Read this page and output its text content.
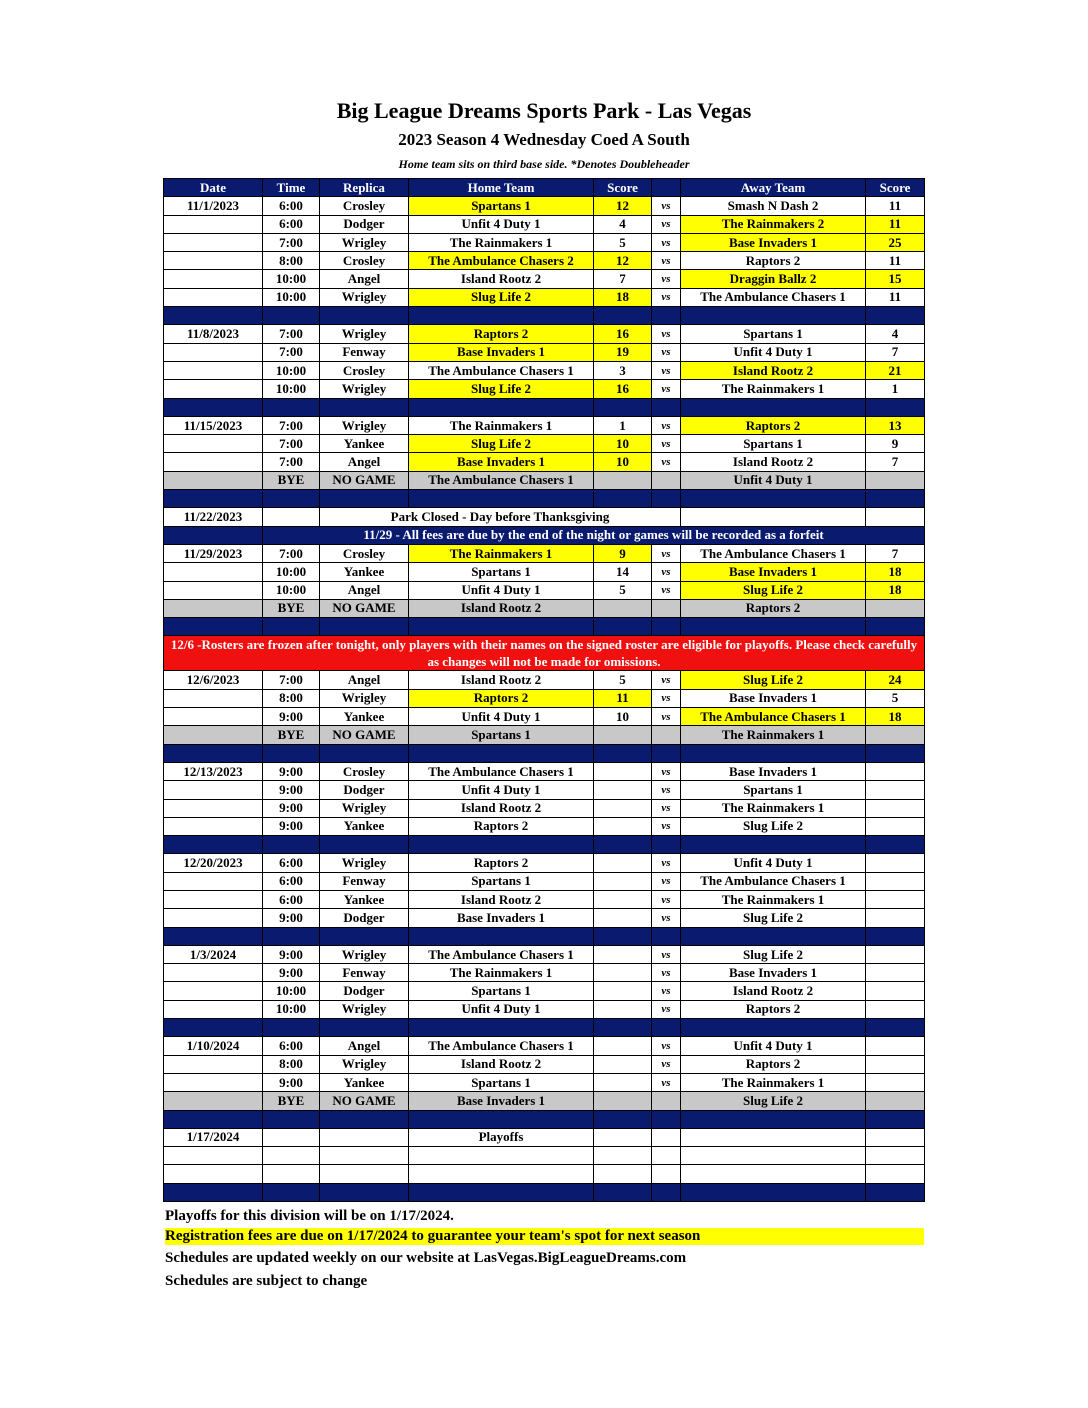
Big League Dreams Sports Park - Las Vegas
2023 Season 4 Wednesday Coed A South
Home team sits on third base side. *Denotes Doubleheader
Date	Time	Replica	Home Team	Score		Away Team	Score
11/1/2023	6:00	Crosley	Spartans 1	12	vs	Smash N Dash 2	11
	6:00	Dodger	Unfit 4 Duty 1	4	vs	The Rainmakers 2	11
	7:00	Wrigley	The Rainmakers 1	5	vs	Base Invaders 1	25
	8:00	Crosley	The Ambulance Chasers 2	12	vs	Raptors 2	11
	10:00	Angel	Island Rootz 2	7	vs	Draggin Ballz 2	15
	10:00	Wrigley	Slug Life 2	18	vs	The Ambulance Chasers 1	11

11/8/2023	7:00	Wrigley	Raptors 2	16	vs	Spartans 1	4
	7:00	Fenway	Base Invaders 1	19	vs	Unfit 4 Duty 1	7
	10:00	Crosley	The Ambulance Chasers 1	3	vs	Island Rootz 2	21
	10:00	Wrigley	Slug Life 2	16	vs	The Rainmakers 1	1

11/15/2023	7:00	Wrigley	The Rainmakers 1	1	vs	Raptors 2	13
	7:00	Yankee	Slug Life 2	10	vs	Spartans 1	9
	7:00	Angel	Base Invaders 1	10	vs	Island Rootz 2	7
	BYE	NO GAME	The Ambulance Chasers 1			Unfit 4 Duty 1	

11/22/2023		Park Closed - Day before Thanksgiving					
	11/29 - All fees are due by the end of the night or games will be recorded as a forfeit						
11/29/2023	7:00	Crosley	The Rainmakers 1	9	vs	The Ambulance Chasers 1	7
	10:00	Yankee	Spartans 1	14	vs	Base Invaders 1	18
	10:00	Angel	Unfit 4 Duty 1	5	vs	Slug Life 2	18
	BYE	NO GAME	Island Rootz 2			Raptors 2	

12/6 -Rosters are frozen after tonight, only players with their names on the signed roster are eligible for playoffs. Please check carefully as changes will not be made for omissions.							
12/6/2023	7:00	Angel	Island Rootz 2	5	vs	Slug Life 2	24
	8:00	Wrigley	Raptors 2	11	vs	Base Invaders 1	5
	9:00	Yankee	Unfit 4 Duty 1	10	vs	The Ambulance Chasers 1	18
	BYE	NO GAME	Spartans 1			The Rainmakers 1	

12/13/2023	9:00	Crosley	The Ambulance Chasers 1		vs	Base Invaders 1	
	9:00	Dodger	Unfit 4 Duty 1		vs	Spartans 1	
	9:00	Wrigley	Island Rootz 2		vs	The Rainmakers 1	
	9:00	Yankee	Raptors 2		vs	Slug Life 2	

12/20/2023	6:00	Wrigley	Raptors 2		vs	Unfit 4 Duty 1	
	6:00	Fenway	Spartans 1		vs	The Ambulance Chasers 1	
	6:00	Yankee	Island Rootz 2		vs	The Rainmakers 1	
	9:00	Dodger	Base Invaders 1		vs	Slug Life 2	

1/3/2024	9:00	Wrigley	The Ambulance Chasers 1		vs	Slug Life 2	
	9:00	Fenway	The Rainmakers 1		vs	Base Invaders 1	
	10:00	Dodger	Spartans 1		vs	Island Rootz 2	
	10:00	Wrigley	Unfit 4 Duty 1		vs	Raptors 2	

1/10/2024	6:00	Angel	The Ambulance Chasers 1		vs	Unfit 4 Duty 1	
	8:00	Wrigley	Island Rootz 2		vs	Raptors 2	
	9:00	Yankee	Spartans 1		vs	The Rainmakers 1	
	BYE	NO GAME	Base Invaders 1			Slug Life 2	

1/17/2024			Playoffs				

Playoffs for this division will be on 1/17/2024.
Registration fees are due on 1/17/2024 to guarantee your team's spot for next season
Schedules are updated weekly on our website at LasVegas.BigLeagueDreams.com
Schedules are subject to change
